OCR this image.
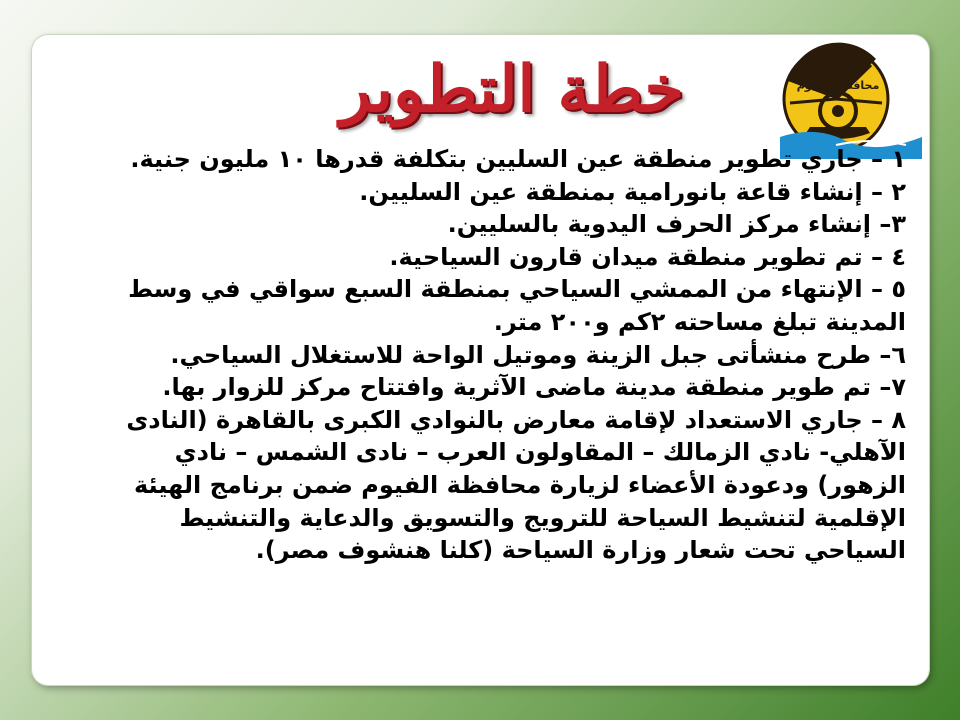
محافظة الفيوم
خطة التطوير

١ – جاري تطوير منطقة عين السليين بتكلفة قدرها ١٠ مليون جنية.

٢ – إنشاء قاعة بانورامية بمنطقة عين السليين.

٣– إنشاء مركز الحرف اليدوية بالسليين.

٤ – تم تطوير منطقة ميدان قارون السياحية.

٥ – الإنتهاء من الممشي السياحي بمنطقة السبع سواقي في وسط المدينة تبلغ مساحته ٢كم و٢٠٠ متر.

٦– طرح منشأتى جبل الزينة وموتيل الواحة للاستغلال السياحي.

٧– تم طوير منطقة مدينة ماضى الآثرية وافتتاح مركز للزوار بها.

٨ – جاري الاستعداد لإقامة معارض بالنوادي الكبرى بالقاهرة (النادى الآهلي- نادي الزمالك – المقاولون العرب – نادى الشمس – نادي الزهور) ودعودة الأعضاء لزيارة محافظة الفيوم ضمن برنامج الهيئة الإقلمية لتنشيط السياحة للترويج والتسويق والدعاية والتنشيط السياحي تحت شعار وزارة السياحة (كلنا هنشوف مصر).
